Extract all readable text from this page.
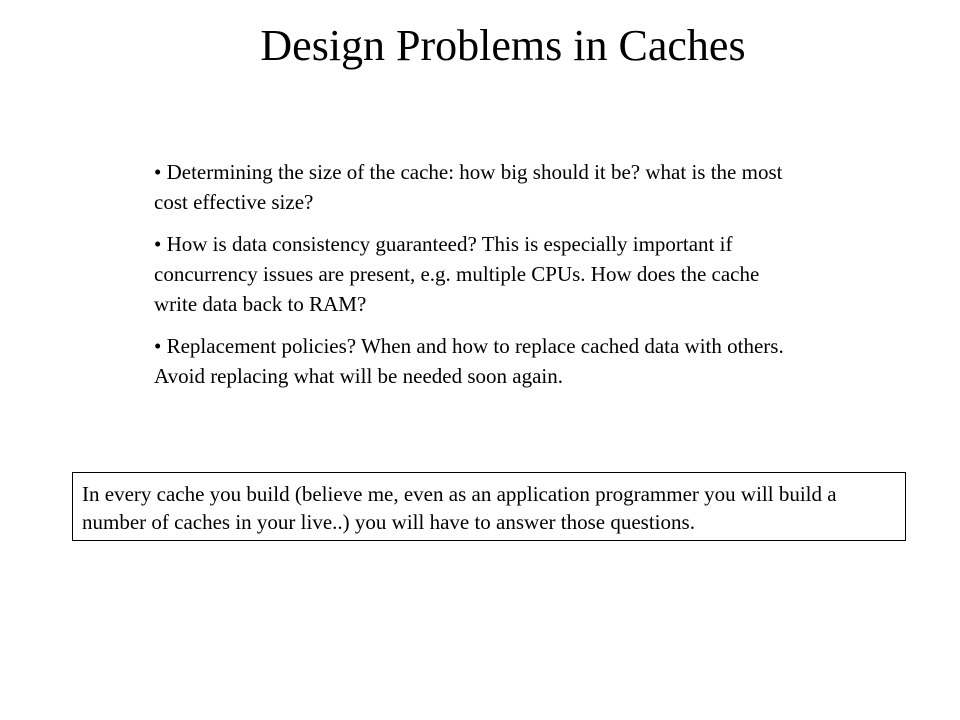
Design Problems in Caches
• Determining the size of the cache: how big should it be? what is the most cost effective size?
• How is data consistency guaranteed? This is especially important if concurrency issues are present, e.g. multiple CPUs. How does the cache write data back to RAM?
• Replacement policies? When and how to replace cached data with others. Avoid replacing what will be needed soon again.
In every cache you build (believe me, even as an application programmer you will build a number of caches in your live..) you will have to answer those questions.
